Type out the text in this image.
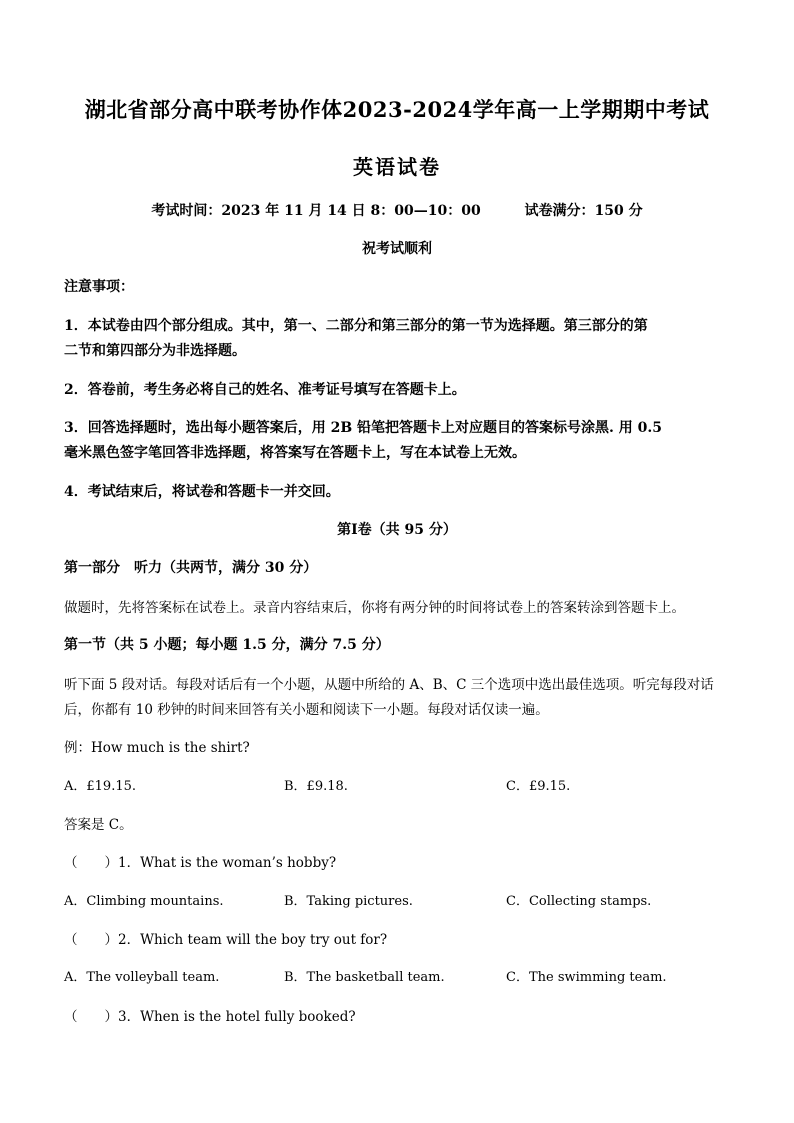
湖北省部分高中联考协作体2023-2024学年高一上学期期中考试
英语试卷
考试时间：2023 年 11 月 14 日 8：00—10：00	试卷满分：150 分
祝考试顺利
注意事项：
1．本试卷由四个部分组成。其中，第一、二部分和第三部分的第一节为选择题。第三部分的第
二节和第四部分为非选择题。
2．答卷前，考生务必将自己的姓名、准考证号填写在答题卡上。
3．回答选择题时，选出每小题答案后，用 2B 铅笔把答题卡上对应题目的答案标号涂黑. 用 0.5
毫米黑色签字笔回答非选择题，将答案写在答题卡上，写在本试卷上无效。
4．考试结束后，将试卷和答题卡一并交回。
第Ⅰ卷（共 95 分）
第一部分　听力（共两节，满分 30 分）
做题时，先将答案标在试卷上。录音内容结束后，你将有两分钟的时间将试卷上的答案转涂到答题卡上。
第一节（共 5 小题；每小题 1.5 分，满分 7.5 分）
听下面 5 段对话。每段对话后有一个小题，从题中所给的 A、B、C 三个选项中选出最佳选项。听完每段对话
后，你都有 10 秒钟的时间来回答有关小题和阅读下一小题。每段对话仅读一遍。
例：How much is the shirt?
A．£19.15.	B．£9.18.	C．£9.15.
答案是 C。
（　　）1．What is the woman’s hobby?
A．Climbing mountains.	B．Taking pictures.	C．Collecting stamps.
（　　）2．Which team will the boy try out for?
A．The volleyball team.	B．The basketball team.	C．The swimming team.
（　　）3．When is the hotel fully booked?
